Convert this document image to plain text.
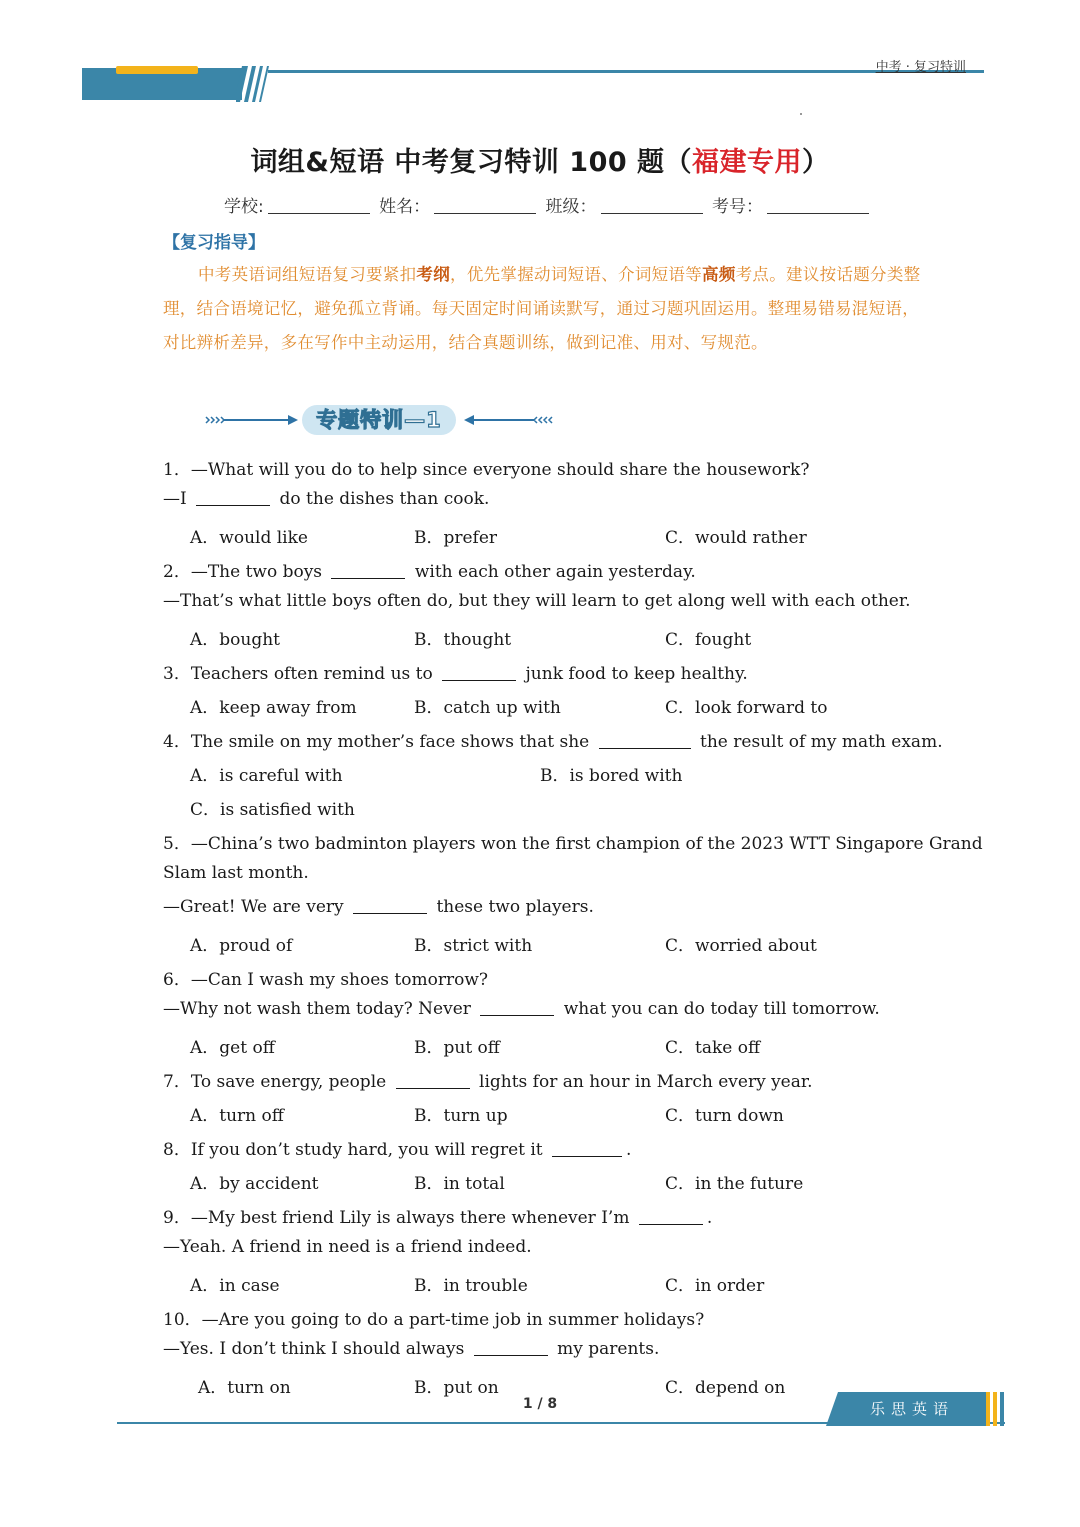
中考 · 复习特训
词组&短语 中考复习特训 100 题（福建专用）
学校:	姓名：	班级：	考号：
【复习指导】
中考英语词组短语复习要紧扣考纲，优先掌握动词短语、介词短语等高频考点。建议按话题分类整理，结合语境记忆，避免孤立背诵。每天固定时间诵读默写，通过习题巩固运用。整理易错易混短语，对比辨析差异，多在写作中主动运用，结合真题训练，做到记准、用对、写规范。
专题特训—1
1．—What will you do to help since everyone should share the housework?
—I	do the dishes than cook.
A．would like	B．prefer	C．would rather
2．—The two boys	with each other again yesterday.
—That’s what little boys often do, but they will learn to get along well with each other.
A．bought	B．thought	C．fought
3．Teachers often remind us to	junk food to keep healthy.
A．keep away from	B．catch up with	C．look forward to
4．The smile on my mother’s face shows that she	the result of my math exam.
A．is careful with	B．is bored with
C．is satisfied with
5．—China’s two badminton players won the first champion of the 2023 WTT Singapore Grand
Slam last month.
—Great! We are very	these two players.
A．proud of	B．strict with	C．worried about
6．—Can I wash my shoes tomorrow?
—Why not wash them today? Never	what you can do today till tomorrow.
A．get off	B．put off	C．take off
7．To save energy, people	lights for an hour in March every year.
A．turn off	B．turn up	C．turn down
8．If you don’t study hard, you will regret it	.
A．by accident	B．in total	C．in the future
9．—My best friend Lily is always there whenever I’m	.
—Yeah. A friend in need is a friend indeed.
A．in case	B．in trouble	C．in order
10．—Are you going to do a part-time job in summer holidays?
—Yes. I don’t think I should always	my parents.
A．turn on	B．put on	C．depend on
1 / 8	乐思英语
